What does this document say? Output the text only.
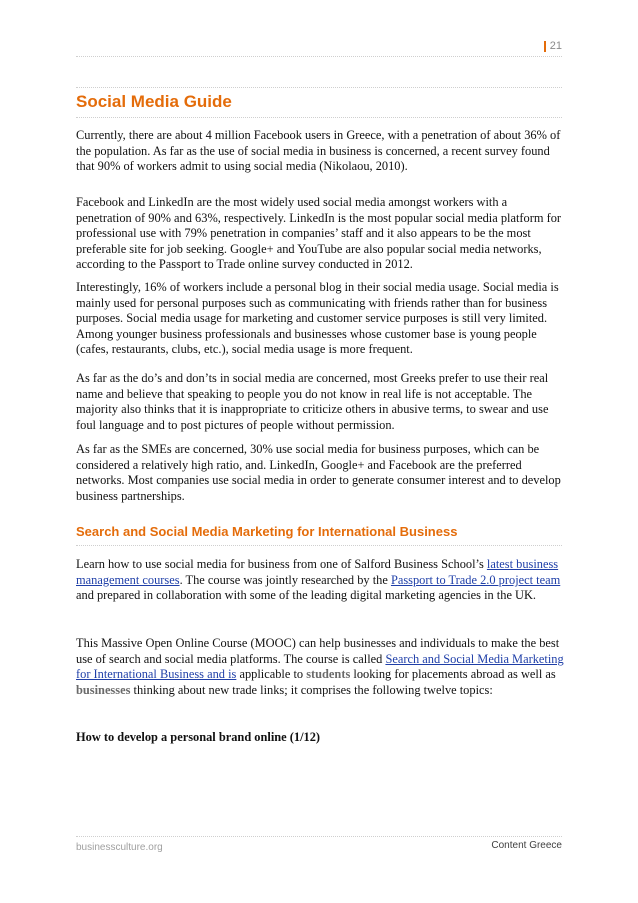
21
Social Media Guide

Currently, there are about 4 million Facebook users in Greece, with a penetration of about 36% of the population. As far as the use of social media in business is concerned, a recent survey found that 90% of workers admit to using social media (Nikolaou, 2010).

Facebook and LinkedIn are the most widely used social media amongst workers with a penetration of 90% and 63%, respectively. LinkedIn is the most popular social media platform for professional use with 79% penetration in companies’ staff and it also appears to be the most preferable site for job seeking. Google+ and YouTube are also popular social media networks, according to the Passport to Trade online survey conducted in 2012.

Interestingly, 16% of workers include a personal blog in their social media usage. Social media is mainly used for personal purposes such as communicating with friends rather than for business purposes. Social media usage for marketing and customer service purposes is still very limited. Among younger business professionals and businesses whose customer base is young people (cafes, restaurants, clubs, etc.), social media usage is more frequent.

As far as the do’s and don’ts in social media are concerned, most Greeks prefer to use their real name and believe that speaking to people you do not know in real life is not acceptable. The majority also thinks that it is inappropriate to criticize others in abusive terms, to swear and use foul language and to post pictures of people without permission.

As far as the SMEs are concerned, 30% use social media for business purposes, which can be considered a relatively high ratio, and. LinkedIn, Google+ and Facebook are the preferred networks. Most companies use social media in order to generate consumer interest and to develop business partnerships.

Search and Social Media Marketing for International Business

Learn how to use social media for business from one of Salford Business School’s latest business management courses. The course was jointly researched by the Passport to Trade 2.0 project team and prepared in collaboration with some of the leading digital marketing agencies in the UK.

This Massive Open Online Course (MOOC) can help businesses and individuals to make the best use of search and social media platforms. The course is called Search and Social Media Marketing for International Business and is applicable to students looking for placements abroad as well as businesses thinking about new trade links; it comprises the following twelve topics:

How to develop a personal brand online (1/12)
businessculture.org	Content Greece
